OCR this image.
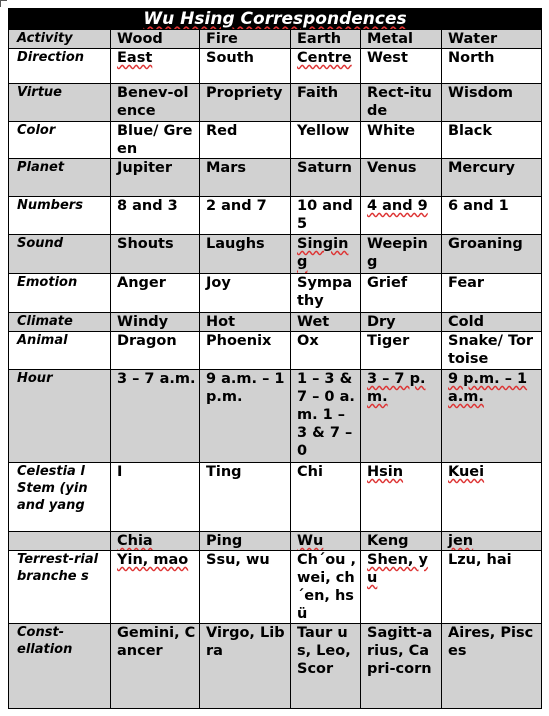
Wu Hsing Correspondences					
Activity	Wood	Fire	Earth	Metal	Water
Direction	East	South	Centre	West	North
Virtue	Benev-olence	Propriety	Faith	Rect-itude	Wisdom
Color	Blue/ Green	Red	Yellow	White	Black
Planet	Jupiter	Mars	Saturn	Venus	Mercury
Numbers	8 and 3	2 and 7	10 and 5	4 and 9	6 and 1
Sound	Shouts	Laughs	Singing	Weeping	Groaning
Emotion	Anger	Joy	Sympathy	Grief	Fear
Climate	Windy	Hot	Wet	Dry	Cold
Animal	Dragon	Phoenix	Ox	Tiger	Snake/ Tortoise
Hour	3 – 7 a.m.	9 a.m. – 1 p.m.	1 – 3 & 7 – 0 a.m. 1 – 3 & 7 – 0	3 – 7 p.m.	9 p.m. – 1 a.m.
Celestia l Stem (yin and yang	I	Ting	Chi	Hsin	Kuei
	Chia	Ping	Wu	Keng	jen
Terrest-rial branche s	Yin, mao	Ssu, wu	Ch´ou , wei, ch´en, hsü	Shen, yu	Lzu, hai
Const-ellation	Gemini, Cancer	Virgo, Libra	Taur us, Leo, Scor	Sagitt-arius, Capri-corn	Aires, Pisces
